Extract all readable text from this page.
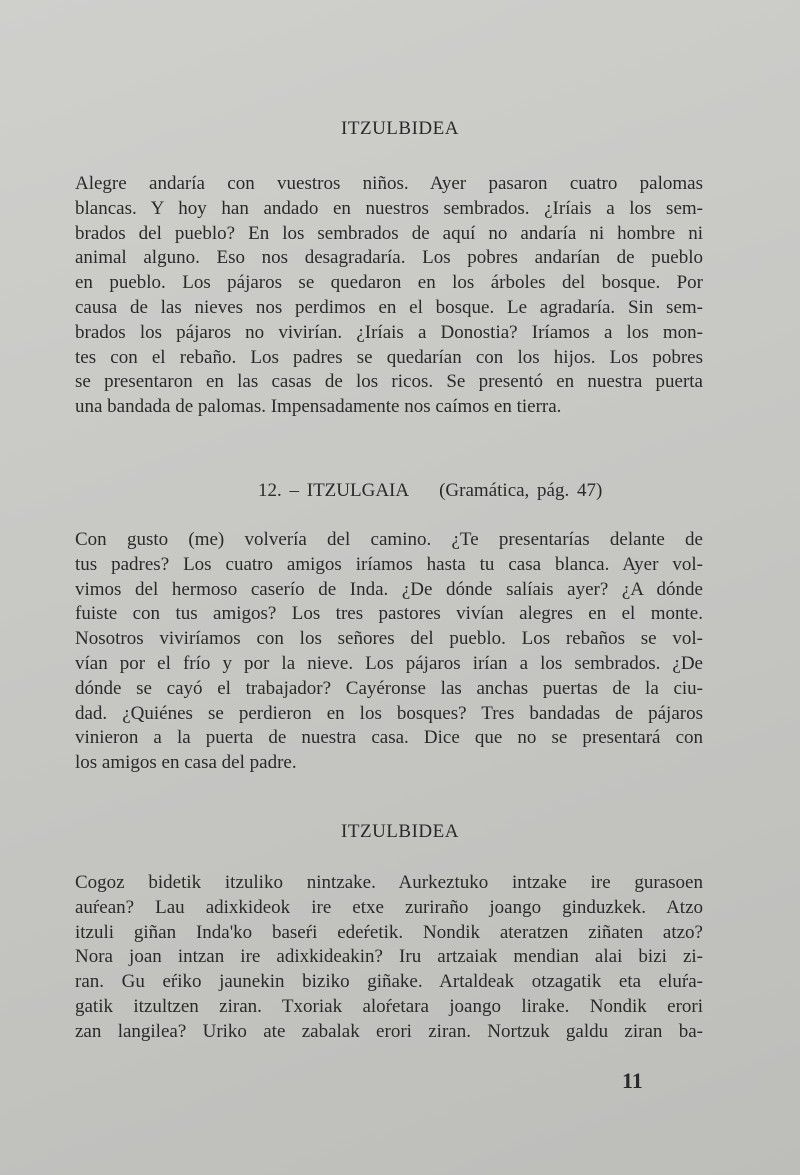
ITZULBIDEA
Alegre andaría con vuestros niños. Ayer pasaron cuatro palomas
blancas. Y hoy han andado en nuestros sembrados. ¿Iríais a los sem-
brados del pueblo? En los sembrados de aquí no andaría ni hombre ni
animal alguno. Eso nos desagradaría. Los pobres andarían de pueblo
en pueblo. Los pájaros se quedaron en los árboles del bosque. Por
causa de las nieves nos perdimos en el bosque. Le agradaría. Sin sem-
brados los pájaros no vivirían. ¿Iríais a Donostia? Iríamos a los mon-
tes con el rebaño. Los padres se quedarían con los hijos. Los pobres
se presentaron en las casas de los ricos. Se presentó en nuestra puerta
una bandada de palomas. Impensadamente nos caímos en tierra.
12. – ITZULGAIA (Gramática, pág. 47)
Con gusto (me) volvería del camino. ¿Te presentarías delante de
tus padres? Los cuatro amigos iríamos hasta tu casa blanca. Ayer vol-
vimos del hermoso caserío de Inda. ¿De dónde salíais ayer? ¿A dónde
fuiste con tus amigos? Los tres pastores vivían alegres en el monte.
Nosotros viviríamos con los señores del pueblo. Los rebaños se vol-
vían por el frío y por la nieve. Los pájaros irían a los sembrados. ¿De
dónde se cayó el trabajador? Cayéronse las anchas puertas de la ciu-
dad. ¿Quiénes se perdieron en los bosques? Tres bandadas de pájaros
vinieron a la puerta de nuestra casa. Dice que no se presentará con
los amigos en casa del padre.
ITZULBIDEA
Cogoz bidetik itzuliko nintzake. Aurkeztuko intzake ire gurasoen
auŕean? Lau adixkideok ire etxe zuriraño joango ginduzkek. Atzo
itzuli giñan Inda'ko baseŕi edeŕetik. Nondik ateratzen ziñaten atzo?
Nora joan intzan ire adixkideakin? Iru artzaiak mendian alai bizi zi-
ran. Gu eŕiko jaunekin biziko giñake. Artaldeak otzagatik eta eluŕa-
gatik itzultzen ziran. Txoriak aloŕetara joango lirake. Nondik erori
zan langilea? Uriko ate zabalak erori ziran. Nortzuk galdu ziran ba-
11
